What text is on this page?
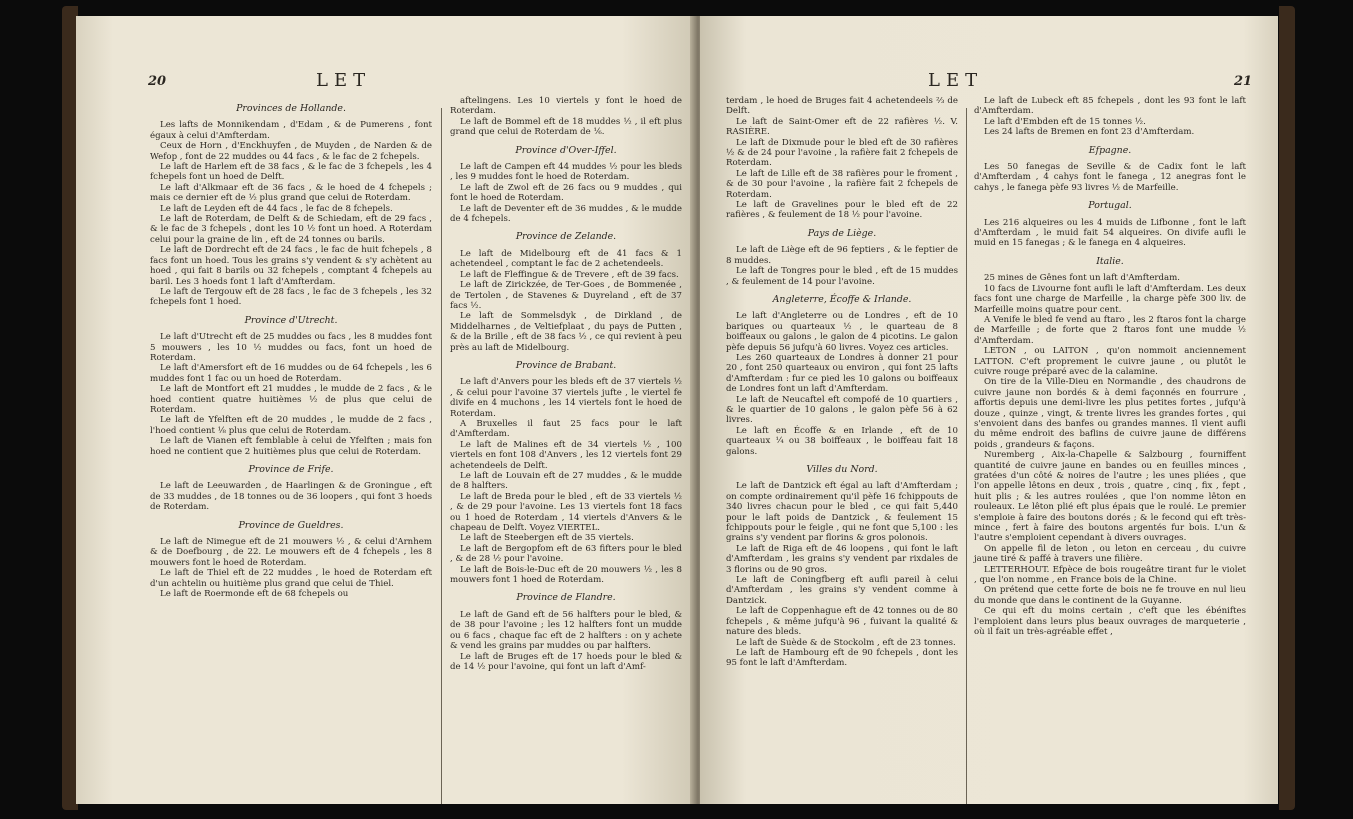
20	LET

Provinces de Hollande.

Les lafts de Monnikendam , d'Edam , & de Pumerens , font égaux à celui d'Amfterdam.

Ceux de Horn , d'Enckhuyfen , de Muyden , de Narden & de Wefop , font de 22 muddes ou 44 facs , & le fac de 2 fchepels.

Le laft de Harlem eft de 38 facs , & le fac de 3 fchepels , les 4 fchepels font un hoed de Delft.

Le laft d'Alkmaar eft de 36 facs , & le hoed de 4 fchepels ; mais ce dernier eft de ½ plus grand que celui de Roterdam.

Le laft de Leyden eft de 44 facs , le fac de 8 fchepels.

Le laft de Roterdam, de Delft & de Schiedam, eft de 29 facs , & le fac de 3 fchepels , dont les 10 ½ font un hoed. A Roterdam celui pour la graine de lin , eft de 24 tonnes ou barils.

Le laft de Dordrecht eft de 24 facs , le fac de huit fchepels , 8 facs font un hoed. Tous les grains s'y vendent & s'y achètent au hoed , qui fait 8 barils ou 32 fchepels , comptant 4 fchepels au baril. Les 3 hoeds font 1 laft d'Amfterdam.

Le laft de Tergouw eft de 28 facs , le fac de 3 fchepels , les 32 fchepels font 1 hoed.

Province d'Utrecht.

Le laft d'Utrecht eft de 25 muddes ou facs , les 8 muddes font 5 mouwers , les 10 ½ muddes ou facs, font un hoed de Roterdam.

Le laft d'Amersfort eft de 16 muddes ou de 64 fchepels , les 6 muddes font 1 fac ou un hoed de Roterdam.

Le laft de Montfort eft 21 muddes , le mudde de 2 facs , & le hoed contient quatre huitièmes ½ de plus que celui de Roterdam.

Le laft de Yfelften eft de 20 muddes , le mudde de 2 facs , l'hoed contient ⅛ plus que celui de Roterdam.

Le laft de Vianen eft femblable à celui de Yfelften ; mais fon hoed ne contient que 2 huitièmes plus que celui de Roterdam.

Province de Frife.

Le laft de Leeuwarden , de Haarlingen & de Groningue , eft de 33 muddes , de 18 tonnes ou de 36 loopers , qui font 3 hoeds de Roterdam.

Province de Gueldres.

Le laft de Nimegue eft de 21 mouwers ½ , & celui d'Arnhem & de Doefbourg , de 22. Le mouwers eft de 4 fchepels , les 8 mouwers font le hoed de Roterdam.

Le laft de Thiel eft de 22 muddes , le hoed de Roterdam eft d'un achtelin ou huitième plus grand que celui de Thiel.

Le laft de Roermonde eft de 68 fchepels ou

aftelingens. Les 10 viertels y font le hoed de Roterdam.

Le laft de Bommel eft de 18 muddes ½ , il eft plus grand que celui de Roterdam de ⅙.

Province d'Over-Iffel.

Le laft de Campen eft 44 muddes ½ pour les bleds , les 9 muddes font le hoed de Roterdam.

Le laft de Zwol eft de 26 facs ou 9 muddes , qui font le hoed de Roterdam.

Le laft de Deventer eft de 36 muddes , & le mudde de 4 fchepels.

Province de Zelande.

Le laft de Midelbourg eft de 41 facs & 1 achetendeel , comptant le fac de 2 achetendeels.

Le laft de Fleffingue & de Trevere , eft de 39 facs.

Le laft de Zirickzée, de Ter-Goes , de Bommenée , de Tertolen , de Stavenes & Duyreland , eft de 37 facs ½.

Le laft de Sommelsdyk , de Dirkland , de Middelharnes , de Veltiefplaat , du pays de Putten , & de la Brille , eft de 38 facs ½ , ce qui revient à peu près au laft de Midelbourg.

Province de Brabant.

Le laft d'Anvers pour les bleds eft de 37 viertels ½ , & celui pour l'avoine 37 viertels jufte , le viertel fe divife en 4 muchons , les 14 viertels font le hoed de Roterdam.

A Bruxelles il faut 25 facs pour le laft d'Amfterdam.

Le laft de Malines eft de 34 viertels ½ , 100 viertels en font 108 d'Anvers , les 12 viertels font 29 achetendeels de Delft.

Le laft de Louvain eft de 27 muddes , & le mudde de 8 halfters.

Le laft de Breda pour le bled , eft de 33 viertels ½ , & de 29 pour l'avoine. Les 13 viertels font 18 facs ou 1 hoed de Roterdam , 14 viertels d'Anvers & le chapeau de Delft. Voyez VIERTEL.

Le laft de Steebergen eft de 35 viertels.

Le laft de Bergopfom eft de 63 fifters pour le bled , & de 28 ½ pour l'avoine.

Le laft de Bois-le-Duc eft de 20 mouwers ½ , les 8 mouwers font 1 hoed de Roterdam.

Province de Flandre.

Le laft de Gand eft de 56 halfters pour le bled, & de 38 pour l'avoine ; les 12 halfters font un mudde ou 6 facs , chaque fac eft de 2 halfters : on y achete & vend les grains par muddes ou par halfters.

Le laft de Bruges eft de 17 hoeds pour le bled & de 14 ½ pour l'avoine, qui font un laft d'Amf-

LET	21

terdam , le hoed de Bruges fait 4 achetendeels ⅔ de Delft.

Le laft de Saint-Omer eft de 22 rafières ½. V. RASIÈRE.

Le laft de Dixmude pour le bled eft de 30 rafières ½ & de 24 pour l'avoine , la rafière fait 2 fchepels de Roterdam.

Le laft de Lille eft de 38 rafières pour le froment , & de 30 pour l'avoine , la rafière fait 2 fchepels de Roterdam.

Le laft de Gravelines pour le bled eft de 22 rafières , & feulement de 18 ½ pour l'avoine.

Pays de Liège.

Le laft de Liège eft de 96 feptiers , & le feptier de 8 muddes.

Le laft de Tongres pour le bled , eft de 15 muddes , & feulement de 14 pour l'avoine.

Angleterre, Écoffe & Irlande.

Le laft d'Angleterre ou de Londres , eft de 10 bariques ou quarteaux ½ , le quarteau de 8 boiffeaux ou galons , le galon de 4 picotins. Le galon pèfe depuis 56 jufqu'à 60 livres. Voyez ces articles.

Les 260 quarteaux de Londres à donner 21 pour 20 , font 250 quarteaux ou environ , qui font 25 lafts d'Amfterdam : fur ce pied les 10 galons ou boiffeaux de Londres font un laft d'Amfterdam.

Le laft de Neucaftel eft compofé de 10 quartiers , & le quartier de 10 galons , le galon pèfe 56 à 62 livres.

Le laft en Écoffe & en Irlande , eft de 10 quarteaux ¼ ou 38 boiffeaux , le boiffeau fait 18 galons.

Villes du Nord.

Le laft de Dantzick eft égal au laft d'Amfterdam ; on compte ordinairement qu'il pèfe 16 fchippouts de 340 livres chacun pour le bled , ce qui fait 5,440 pour le laft poids de Dantzick , & feulement 15 fchippouts pour le feigle , qui ne font que 5,100 : les grains s'y vendent par florins & gros polonois.

Le laft de Riga eft de 46 loopens , qui font le laft d'Amfterdam , les grains s'y vendent par rixdales de 3 florins ou de 90 gros.

Le laft de Coningfberg eft aufli pareil à celui d'Amfterdam , les grains s'y vendent comme à Dantzick.

Le laft de Coppenhague eft de 42 tonnes ou de 80 fchepels , & même jufqu'à 96 , fuivant la qualité & nature des bleds.

Le laft de Suède & de Stockolm , eft de 23 tonnes.

Le laft de Hambourg eft de 90 fchepels , dont les 95 font le laft d'Amfterdam.

Le laft de Lubeck eft 85 fchepels , dont les 93 font le laft d'Amfterdam.

Le laft d'Embden eft de 15 tonnes ½.

Les 24 lafts de Bremen en font 23 d'Amfterdam.

Efpagne.

Les 50 fanegas de Seville & de Cadix font le laft d'Amfterdam , 4 cahys font le fanega , 12 anegras font le cahys , le fanega pèfe 93 livres ½ de Marfeille.

Portugal.

Les 216 alqueires ou les 4 muids de Lifbonne , font le laft d'Amfterdam , le muid fait 54 alqueires. On divife aufli le muid en 15 fanegas ; & le fanega en 4 alqueires.

Italie.

25 mines de Gênes font un laft d'Amfterdam.

10 facs de Livourne font aufli le laft d'Amfterdam. Les deux facs font une charge de Marfeille , la charge pèfe 300 liv. de Marfeille moins quatre pour cent.

A Venife le bled fe vend au ftaro , les 2 ftaros font la charge de Marfeille ; de forte que 2 ftaros font une mudde ½ d'Amfterdam.

LETON , ou LAITON , qu'on nommoit anciennement LATTON. C'eft proprement le cuivre jaune , ou plutôt le cuivre rouge préparé avec de la calamine.

On tire de la Ville-Dieu en Normandie , des chaudrons de cuivre jaune non bordés & à demi façonnés en fourrure , affortis depuis une demi-livre les plus petites fortes , jufqu'à douze , quinze , vingt, & trente livres les grandes fortes , qui s'envoient dans des banfes ou grandes mannes. Il vient aufli du même endroit des baflins de cuivre jaune de différens poids , grandeurs & façons.

Nuremberg , Aix-la-Chapelle & Salzbourg , fourniffent quantité de cuivre jaune en bandes ou en feuilles minces , gratées d'un côté & noires de l'autre ; les unes pliées , que l'on appelle lêtons en deux , trois , quatre , cinq , fix , fept , huit plis ; & les autres roulées , que l'on nomme lêton en rouleaux. Le lêton plié eft plus épais que le roulé. Le premier s'emploie à faire des boutons dorés ; & le fecond qui eft très-mince , fert à faire des boutons argentés fur bois. L'un & l'autre s'emploient cependant à divers ouvrages.

On appelle fil de leton , ou leton en cerceau , du cuivre jaune tiré & paffé à travers une filière.

LETTERHOUT. Efpèce de bois rougeâtre tirant fur le violet , que l'on nomme , en France bois de la Chine.

On prétend que cette forte de bois ne fe trouve en nul lieu du monde que dans le continent de la Guyanne.

Ce qui eft du moins certain , c'eft que les ébéniftes l'emploient dans leurs plus beaux ouvrages de marqueterie , où il fait un très-agréable effet ,
